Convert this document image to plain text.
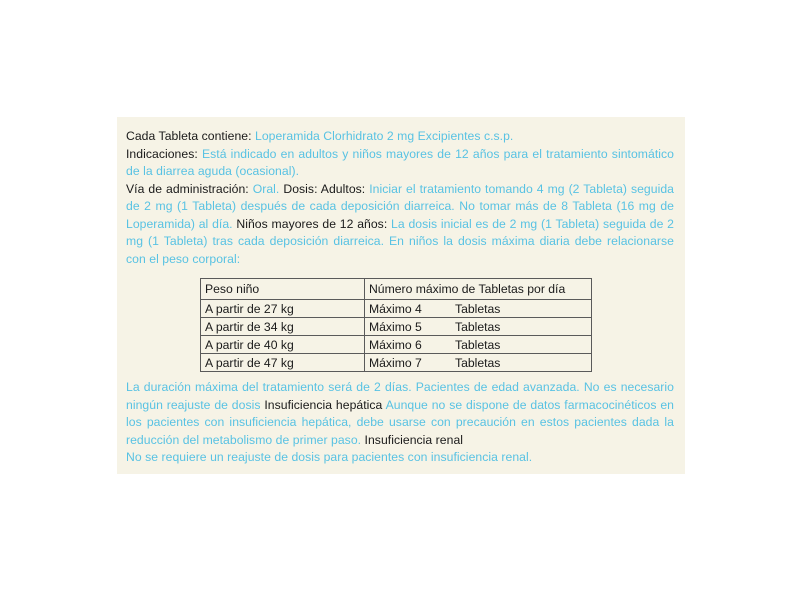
Cada Tableta contiene: Loperamida Clorhidrato 2 mg Excipientes c.s.p.
Indicaciones: Está indicado en adultos y niños mayores de 12 años para el tratamiento sintomático de la diarrea aguda (ocasional).
Vía de administración: Oral. Dosis: Adultos: Iniciar el tratamiento tomando 4 mg (2 Tableta) seguida de 2 mg (1 Tableta) después de cada deposición diarreica. No tomar más de 8 Tableta (16 mg de Loperamida) al día. Niños mayores de 12 años: La dosis inicial es de 2 mg (1 Tableta) seguida de 2 mg (1 Tableta) tras cada deposición diarreica. En niños la dosis máxima diaria debe relacionarse con el peso corporal:
Peso niño	Número máximo de Tabletas por día
A partir de 27 kg	Máximo 4 Tabletas
A partir de 34 kg	Máximo 5 Tabletas
A partir de 40 kg	Máximo 6 Tabletas
A partir de 47 kg	Máximo 7 Tabletas
La duración máxima del tratamiento será de 2 días. Pacientes de edad avanzada. No es necesario ningún reajuste de dosis Insuficiencia hepática Aunque no se dispone de datos farmacocinéticos en los pacientes con insuficiencia hepática, debe usarse con precaución en estos pacientes dada la reducción del metabolismo de primer paso. Insuficiencia renal
No se requiere un reajuste de dosis para pacientes con insuficiencia renal.
